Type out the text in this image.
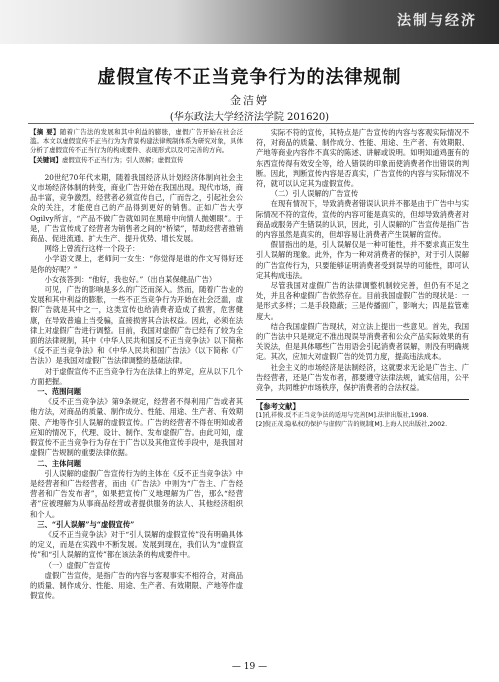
法制与经济
虚假宣传不正当竞争行为的法律规制
金洁婷
(华东政法大学经济法学院 201620)

【摘 要】随着广告法的发展和其中利益的膨胀，虚假广告开始在社会泛滥。本文以虚假宣传不正当行为为背景构建法律规制体系为研究对象，具体分析了虚假宣传不正当行为的构成要件、表现形式以及可完善的方向。
【关键词】虚假宣传不正当行为；引人误解；虚假宣传

20世纪70年代末期，随着我国经济从计划经济体制向社会主义市场经济体制的转变，商业广告开始在我国出现。现代市场，商品丰富，竞争激烈，经营者必须宣传自己，广而告之，引起社会公众的关注，才能使自己的产品得到更好的销售。正如广告大亨Ogilvy所言，“产品不做广告就如同在黑暗中向情人抛媚眼”。于是，广告宣传成了经营者为销售者之间的“桥梁”，帮助经营者推销商品、促进流通、扩大生产、提升优势、增长发展。

网络上曾流行这样一个段子：

小学语文课上，老师问一女生：“你觉得是谁的作文写得好还是你的好呢？”

小女孩答到：“他好，我也好。”（出自某保健品广告）

可见，广告的影响是多么的广泛而深入。然而，随着广告业的发展和其中利益的膨胀，一些不正当竞争行为开始在社会泛滥，虚假广告就是其中之一，这类宣传也给消费者造成了损害，危害健康，在导致普遍上当受骗，直接损害其合法权益。因此，必须在法律上对虚假广告进行调整。目前，我国对虚假广告已经有了较为全面的法律规制，其中《中华人民共和国反不正当竞争法》以下简称《反不正当竞争法》和《中华人民共和国广告法》（以下简称《广告法》）是我国对虚假广告法律调整的基础法律。

对于虚假宣传不正当竞争行为在法律上的界定，应从以下几个方面把握。

一、范围问题

《反不正当竞争法》第9条规定，经营者不得利用广告或者其他方法，对商品的质量、制作成分、性能、用途、生产者、有效期限、产地等作引人误解的虚假宣传。广告的经营者不得在明知或者应知的情况下，代理、设计、制作、发布虚假广告。由此可知，虚假宣传不正当竞争行为存在于广告以及其他宣传手段中，是我国对虚假广告规制的重要法律依据。

二、主体问题

引人误解的虚假广告宣传行为的主体在《反不正当竞争法》中是经营者和广告经营者，而由《广告法》中则为“广告主、广告经营者和广告发布者”，如果把宣传广义地理解为广告，那么“经营者”应被理解为从事商品经营或者提供服务的法人、其他经济组织和个人。

三、“引人误解”与“虚假宣传”

《反不正当竞争法》对于“引人误解的虚假宣传”没有明确具体的定义，而是在实践中不断发展。发展到现在，我们认为“虚假宣传”和“引人误解的宣传”都在该法条的构成要件中。

（一）虚假广告宣传

虚假广告宣传，是指广告的内容与客观事实不相符合，对商品的质量、制作成分、性能、用途、生产者、有效期限、产地等作虚假宣传。

实际不符的宣传，其特点是广告宣传的内容与客观实际情况不符，对商品的质量、制作成分、性能、用途、生产者、有效期限、产地等商业内容作不真实的陈述、讲解或说明。如明知道鸡蛋有的东西宣传得有效安全等，给人错误的印象而使消费者作出错误的判断。因此，判断宣传内容是否真实，广告宣传的内容与实际情况不符，就可以认定其为虚假宣传。

（二）引人误解的广告宣传

在现有情况下，导致消费者错误认识并不都是由于广告中与实际情况不符的宣传，宣传的内容可能是真实的，但却导致消费者对商品或服务产生错误的认识，因此，引人误解的广告宣传是指广告的内容虽然是真实的，但却容易让消费者产生误解的宣传。

假冒指出的是，引人误解仅是一种可能性，并不要求真正发生引人误解的现象。此外，作为一种对消费者的保护，对于引人误解的广告宣传行为，只要能够证明消费者受到误导的可能性，即可认定其构成违法。

尽管我国对虚假广告的法律调整机制较完善，但仍有不足之处，并且各种虚假广告依然存在。目前我国虚假广告的现状是：一是形式多样；二是手段隐蔽；三是传播面广，影响大；四是监管难度大。

结合我国虚假广告现状，对立法上提出一些意见。首先，我国的广告法中只是规定不准出现误导消费者和公众产品实际效果的有关说法，但是具体哪些广告用语会引起消费者误解，则没有明确规定。其次，应加大对虚假广告的处罚力度，提高违法成本。

社会主义的市场经济是法制经济，这就要求无论是广告主、广告经营者，还是广告发布者，都要遵守法律法规，诚实信用，公平竞争，共同维护市场秩序，保护消费者的合法权益。

【参考文献】

[1]孔祥俊.反不正当竞争法的适用与完善[M].法律出版社,1998.

[2]倪正茂.隐私权的保护与虚假广告的规制[M].上海人民出版社,2002.

— 19 —
